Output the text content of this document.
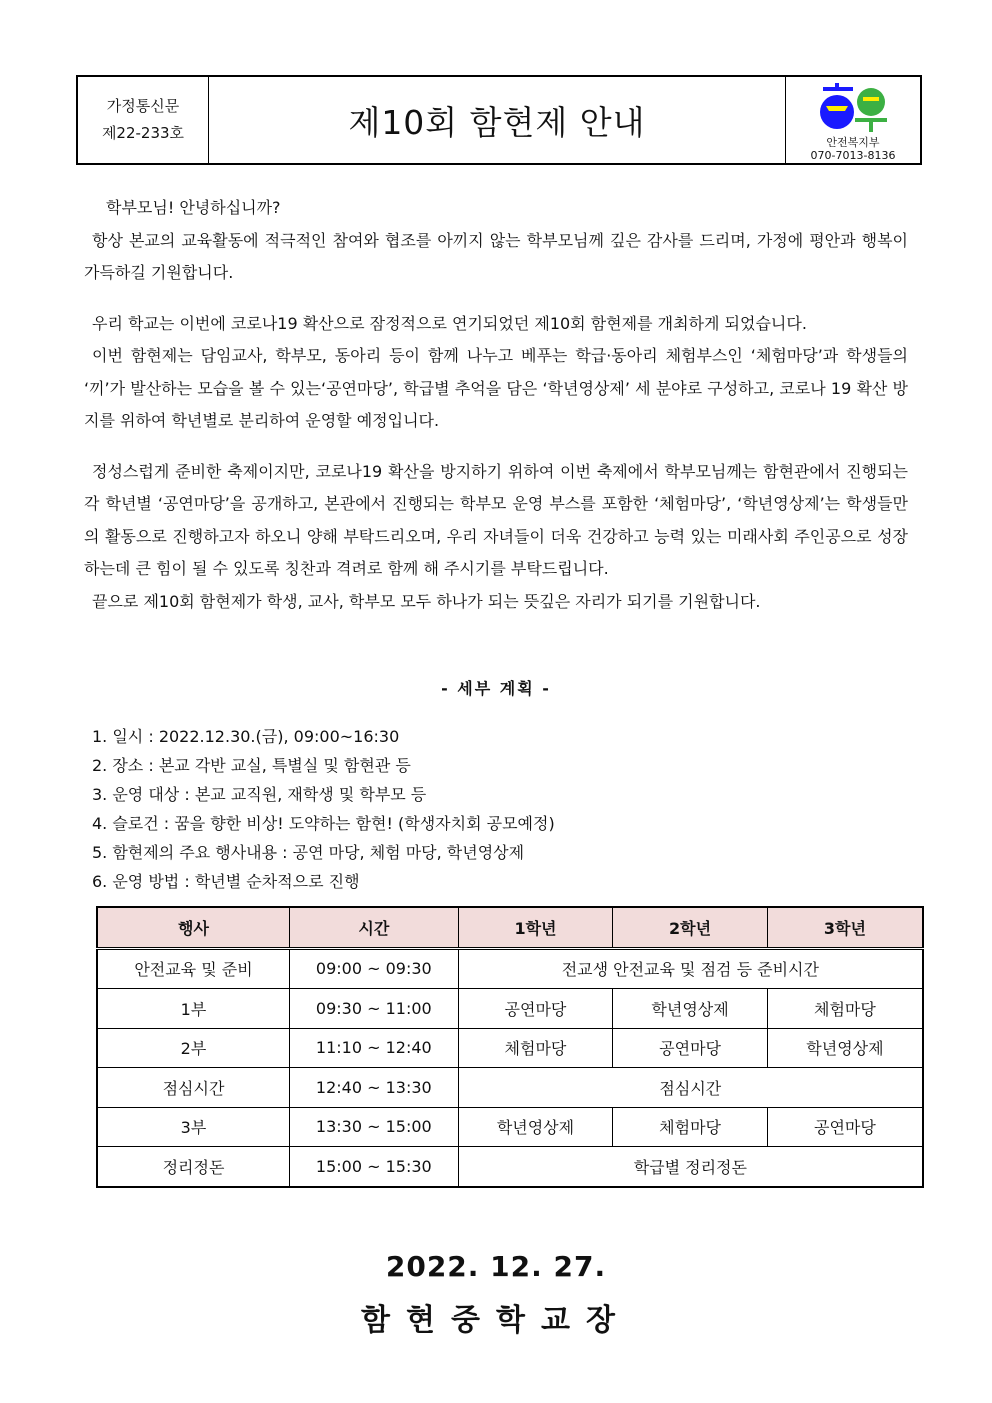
가정통신문
제22-233호	제10회 함현제 안내
안전복지부
070-7013-8136

학부모님! 안녕하십니까?

항상 본교의 교육활동에 적극적인 참여와 협조를 아끼지 않는 학부모님께 깊은 감사를 드리며, 가정에 평안과 행복이 가득하길 기원합니다.

우리 학교는 이번에 코로나19 확산으로 잠정적으로 연기되었던 제10회 함현제를 개최하게 되었습니다.

이번 함현제는 담임교사, 학부모, 동아리 등이 함께 나누고 베푸는 학급·동아리 체험부스인 ‘체험마당’과 학생들의 ‘끼’가 발산하는 모습을 볼 수 있는‘공연마당’, 학급별 추억을 담은 ‘학년영상제’ 세 분야로 구성하고, 코로나 19 확산 방지를 위하여 학년별로 분리하여 운영할 예정입니다.

정성스럽게 준비한 축제이지만, 코로나19 확산을 방지하기 위하여 이번 축제에서 학부모님께는 함현관에서 진행되는 각 학년별 ‘공연마당’을 공개하고, 본관에서 진행되는 학부모 운영 부스를 포함한 ‘체험마당’, ‘학년영상제’는 학생들만의 활동으로 진행하고자 하오니 양해 부탁드리오며, 우리 자녀들이 더욱 건강하고 능력 있는 미래사회 주인공으로 성장하는데 큰 힘이 될 수 있도록 칭찬과 격려로 함께 해 주시기를 부탁드립니다.

끝으로 제10회 함현제가 학생, 교사, 학부모 모두 하나가 되는 뜻깊은 자리가 되기를 기원합니다.

- 세부 계획 -
1. 일시 : 2022.12.30.(금), 09:00~16:30
2. 장소 : 본교 각반 교실, 특별실 및 함현관 등
3. 운영 대상 : 본교 교직원, 재학생 및 학부모 등
4. 슬로건 : 꿈을 향한 비상! 도약하는 함현! (학생자치회 공모예정)
5. 함현제의 주요 행사내용 : 공연 마당, 체험 마당, 학년영상제
6. 운영 방법 : 학년별 순차적으로 진행
행사	시간	1학년	2학년	3학년
안전교육 및 준비	09:00 ~ 09:30	전교생 안전교육 및 점검 등 준비시간		
1부	09:30 ~ 11:00	공연마당	학년영상제	체험마당
2부	11:10 ~ 12:40	체험마당	공연마당	학년영상제
점심시간	12:40 ~ 13:30	점심시간		
3부	13:30 ~ 15:00	학년영상제	체험마당	공연마당
정리정돈	15:00 ~ 15:30	학급별 정리정돈		
2022. 12. 27.
함현중학교장
